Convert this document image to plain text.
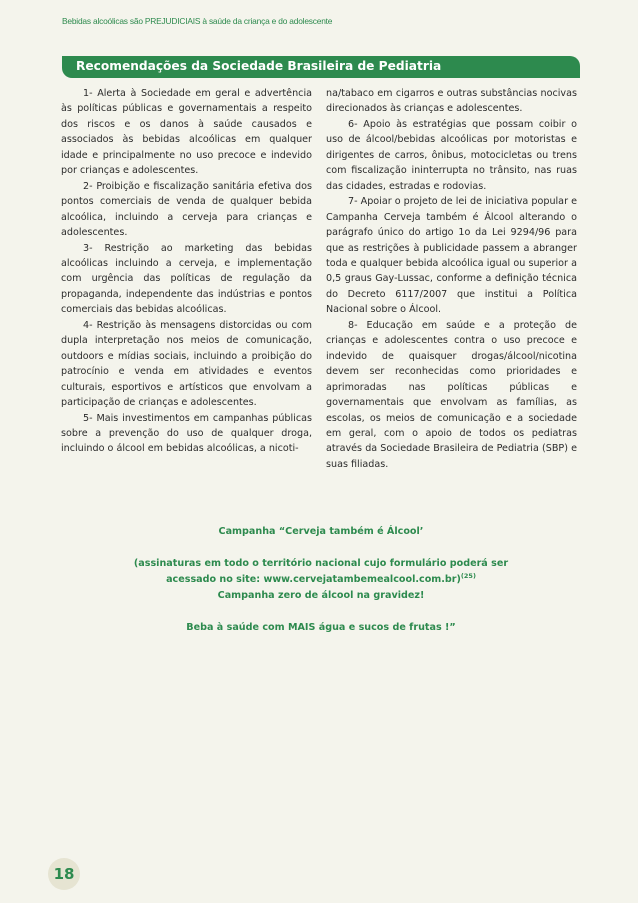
Bebidas alcoólicas são PREJUDICIAIS à saúde da criança e do adolescente
Recomendações da Sociedade Brasileira de Pediatria

1- Alerta à Sociedade em geral e advertência às políticas públicas e governamentais a respeito dos riscos e os danos à saúde causados e associados às bebidas alcoólicas em qualquer idade e principalmente no uso precoce e indevido por crianças e adolescentes.

2- Proibição e fiscalização sanitária efetiva dos pontos comerciais de venda de qualquer bebida alcoólica, incluindo a cerveja para crianças e adolescentes.

3- Restrição ao marketing das bebidas alcoólicas incluindo a cerveja, e implementação com urgência das políticas de regulação da propaganda, independente das indústrias e pontos comerciais das bebidas alcoólicas.

4- Restrição às mensagens distorcidas ou com dupla interpretação nos meios de comunicação, outdoors e mídias sociais, incluindo a proibição do patrocínio e venda em atividades e eventos culturais, esportivos e artísticos que envolvam a participação de crianças e adolescentes.

5- Mais investimentos em campanhas públicas sobre a prevenção do uso de qualquer droga, incluindo o álcool em bebidas alcoólicas, a nicoti-

na/tabaco em cigarros e outras substâncias nocivas direcionados às crianças e adolescentes.

6- Apoio às estratégias que possam coibir o uso de álcool/bebidas alcoólicas por motoristas e dirigentes de carros, ônibus, motocicletas ou trens com fiscalização ininterrupta no trânsito, nas ruas das cidades, estradas e rodovias.

7- Apoiar o projeto de lei de iniciativa popular e Campanha Cerveja também é Álcool alterando o parágrafo único do artigo 1o da Lei 9294/96 para que as restrições à publicidade passem a abranger toda e qualquer bebida alcoólica igual ou superior a 0,5 graus Gay-Lussac, conforme a definição técnica do Decreto 6117/2007 que institui a Política Nacional sobre o Álcool.

8- Educação em saúde e a proteção de crianças e adolescentes contra o uso precoce e indevido de quaisquer drogas/álcool/nicotina devem ser reconhecidas como prioridades e aprimoradas nas políticas públicas e governamentais que envolvam as famílias, as escolas, os meios de comunicação e a sociedade em geral, com o apoio de todos os pediatras através da Sociedade Brasileira de Pediatria (SBP) e suas filiadas.

Campanha “Cerveja também é Álcool’

(assinaturas em todo o território nacional cujo formulário poderá ser

acessado no site: www.cervejatambemealcool.com.br)$^{(25)}$

Campanha zero de álcool na gravidez!

Beba à saúde com MAIS água e sucos de frutas !”

18
